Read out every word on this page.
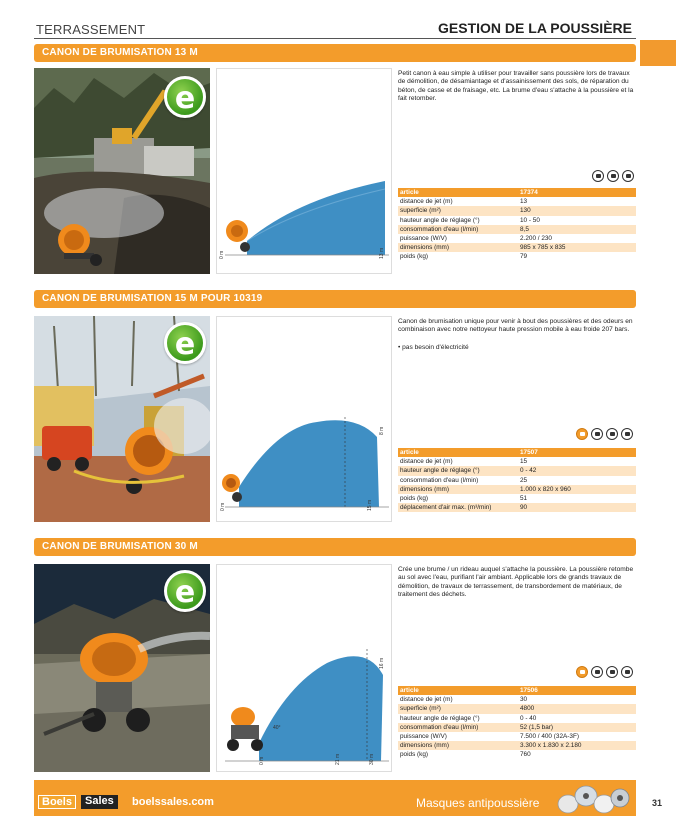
TERRASSEMENT	GESTION DE LA POUSSIÈRE
CANON DE BRUMISATION 13 M
e
0 m	13 m
Petit canon à eau simple à utiliser pour travailler sans poussière lors de travaux de démolition, de désamiantage et d'assainissement des sols, de réparation du béton, de casse et de fraisage, etc. La brume d'eau s'attache à la poussière et la fait retomber.
article	17374
distance de jet (m)	13
superficie (m²)	130
hauteur angle de réglage (°)	10 - 50
consommation d'eau (l/min)	8,5
puissance (W/V)	2.200 / 230
dimensions (mm)	985 x 785 x 835
poids (kg)	79
CANON DE BRUMISATION 15 M POUR 10319
e
0 m	15 m
8 m
Canon de brumisation unique pour venir à bout des poussières et des odeurs en combinaison avec notre nettoyeur haute pression mobile à eau froide 207 bars.
• pas besoin d'électricité
article	17507
distance de jet (m)	15
hauteur angle de réglage (°)	0 - 42
consommation d'eau (l/min)	25
dimensions (mm)	1.000 x 820 x 960
poids (kg)	51
déplacement d'air max. (m³/min)	90
CANON DE BRUMISATION 30 M
e
40°
0 m	21 m	30 m
16 m
Crée une brume / un rideau auquel s'attache la poussière. La poussière retombe au sol avec l'eau, purifiant l'air ambiant. Applicable lors de grands travaux de démolition, de travaux de terrassement, de transbordement de matériaux, de traitement des déchets.
article	17506
distance de jet (m)	30
superficie (m²)	4800
hauteur angle de réglage (°)	0 - 40
consommation d'eau (l/min)	52 (1,5 bar)
puissance (W/V)	7.500 / 400 (32A-3F)
dimensions (mm)	3.300 x 1.830 x 2.180
poids (kg)	760
Boels	Sales	boelssales.com	Masques antipoussière	31
